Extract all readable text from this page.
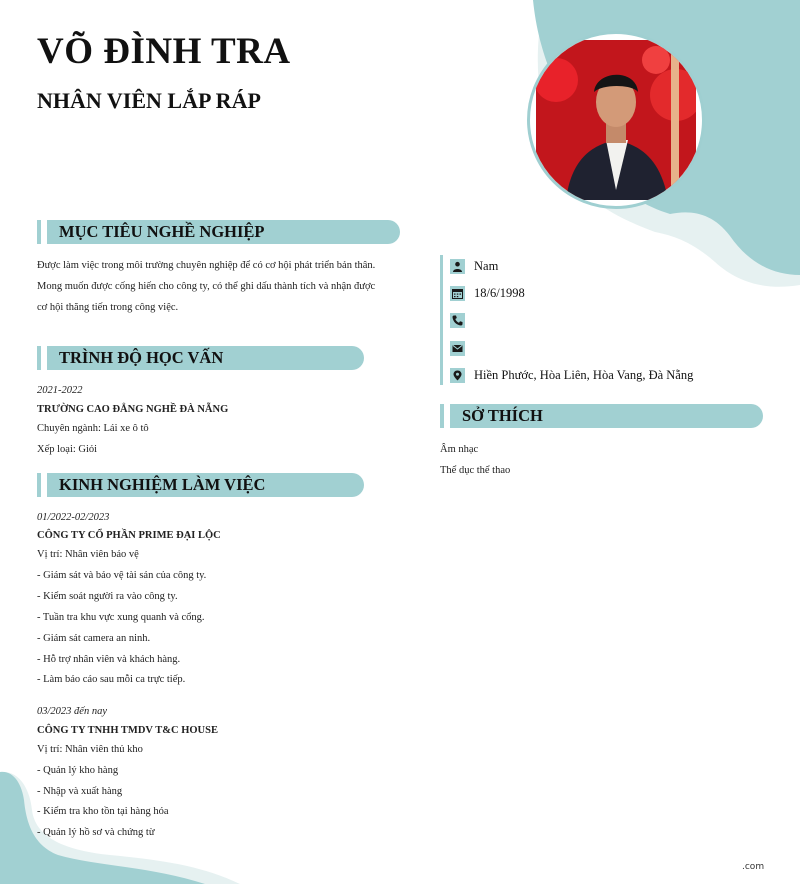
VÕ ĐÌNH TRA
NHÂN VIÊN LẮP RÁP
MỤC TIÊU NGHỀ NGHIỆP
Được làm việc trong môi trường chuyên nghiệp để có cơ hội phát triển bản thân.
Mong muốn được cống hiến cho công ty, có thể ghi dấu thành tích và nhận được
cơ hội thăng tiến trong công việc.
TRÌNH ĐỘ HỌC VẤN
2021-2022
TRƯỜNG CAO ĐẲNG NGHỀ ĐÀ NẴNG
Chuyên ngành: Lái xe ô tô
Xếp loại: Giỏi
KINH NGHIỆM LÀM VIỆC
01/2022-02/2023
CÔNG TY CỔ PHẦN PRIME ĐẠI LỘC
Vị trí: Nhân viên bảo vệ
- Giám sát và bảo vệ tài sản của công ty.
- Kiểm soát người ra vào công ty.
- Tuần tra khu vực xung quanh và cổng.
- Giám sát camera an ninh.
- Hỗ trợ nhân viên và khách hàng.
- Làm báo cáo sau mỗi ca trực tiếp.
03/2023 đến nay
CÔNG TY TNHH TMDV T&C HOUSE
Vị trí: Nhân viên thủ kho
- Quản lý kho hàng
- Nhập và xuất hàng
- Kiểm tra kho tồn tại hàng hóa
- Quản lý hồ sơ và chứng từ
Nam
18/6/1998
Hiền Phước, Hòa Liên, Hòa Vang, Đà Nẵng
SỞ THÍCH
Âm nhạc
Thể dục thể thao
.com
